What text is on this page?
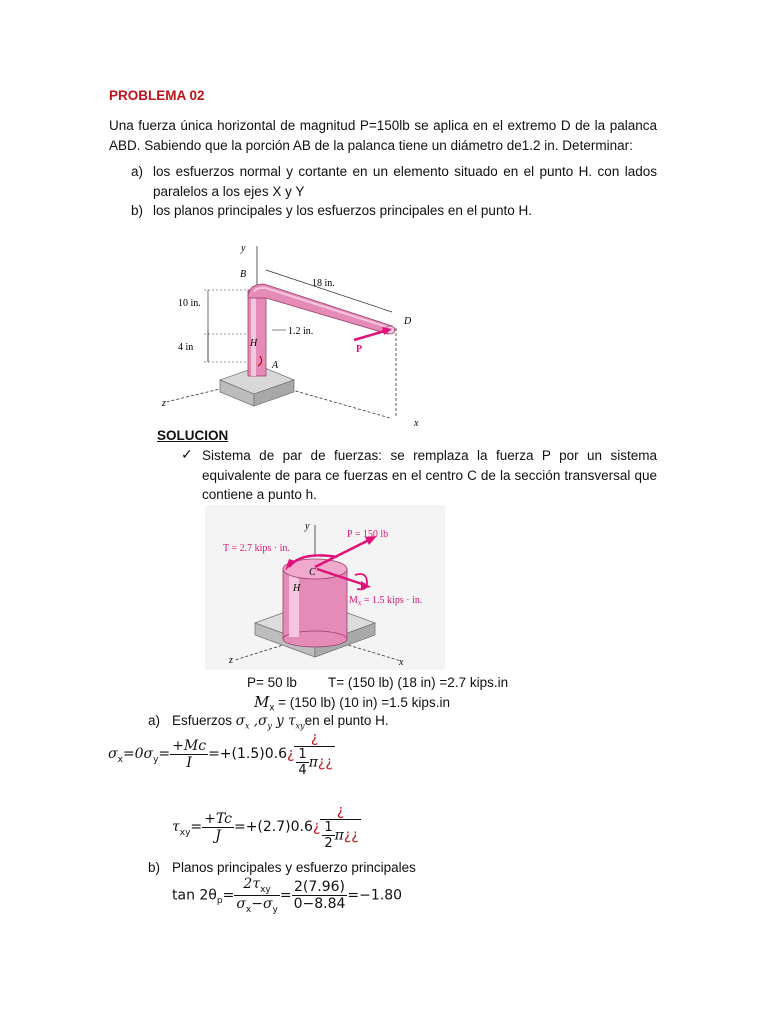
PROBLEMA 02
Una fuerza única horizontal de magnitud P=150lb se aplica en el extremo D de la palanca ABD. Sabiendo que la porción AB de la palanca tiene un diámetro de1.2 in. Determinar:
a) los esfuerzos normal y cortante en un elemento situado en el punto H. con lados paralelos a los ejes X y Y
b) los planos principales y los esfuerzos principales en el punto H.
y
B
18 in.
D
10 in.
1.2 in.
P
4 in	H
A
z
x
SOLUCION
✓ Sistema de par de fuerzas: se remplaza la fuerza P por un sistema equivalente de para ce fuerzas en el centro C de la sección transversal que contiene a punto h.
y
P = 150 lb
T = 2.7 kips · in.
C
H
$M_x = 1.5$ kips · in.
z	x
P= 50 lb T= (150 lb) (18 in) =2.7 kips.in
$M_x = (150$ lb) (10 in) =1.5 kips.in
a) Esfuerzos $\sigma_x$ $,\sigma_y$ y $\tau_{xy}en$ el punto H.
$\sigma_x=0\sigma_y= \frac{+Mc}{I}$ =+(1.5)0.6¿ $\frac{¿}{\frac{1}{4} \pi¿¿}$
$\tau_{xy}= \frac{+Tc}{J}$ =+(2.7)0.6¿ $\frac{¿}{\frac{1}{2} \pi¿¿}$
b) Planos principales y esfuerzo principales
$\tan 2\theta_p= \frac{2\tau_{xy}}{\sigma_x-\sigma_y} = \frac{2(7.96)}{0-8.84} =-1.80$
